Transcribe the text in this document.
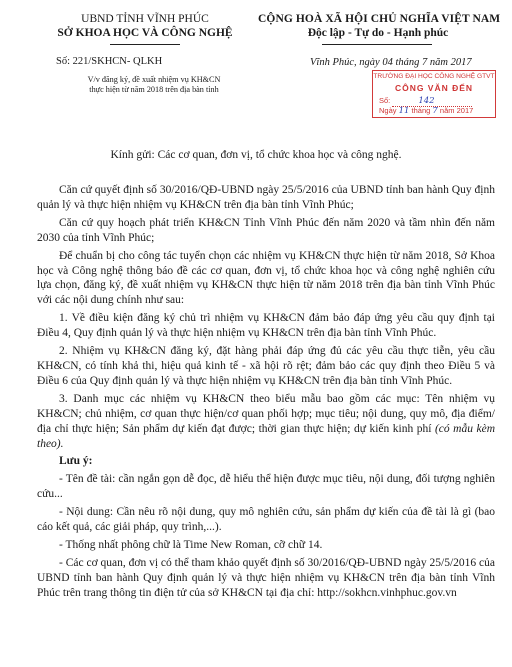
UBND TỈNH VĨNH PHÚC
SỞ KHOA HỌC VÀ CÔNG NGHỆ
CỘNG HOÀ XÃ HỘI CHỦ NGHĨA VIỆT NAM
Độc lập - Tự do - Hạnh phúc
Số: 221/SKHCN- QLKH	Vĩnh Phúc, ngày 04 tháng 7 năm 2017
V/v đăng ký, đề xuất nhiệm vụ KH&CN
thực hiện từ năm 2018 trên địa bàn tỉnh
TRƯỜNG ĐẠI HỌC CÔNG NGHỆ GTVT
CÔNG VĂN ĐẾN
Số:	142
Ngày 11 tháng 7 năm 2017
Kính gửi: Các cơ quan, đơn vị, tổ chức khoa học và công nghệ.

Căn cứ quyết định số 30/2016/QĐ-UBND ngày 25/5/2016 của UBND tỉnh ban hành Quy định quản lý và thực hiện nhiệm vụ KH&CN trên địa bàn tỉnh Vĩnh Phúc;

Căn cứ quy hoạch phát triển KH&CN Tỉnh Vĩnh Phúc đến năm 2020 và tầm nhìn đến năm 2030 của tỉnh Vĩnh Phúc;

Để chuẩn bị cho công tác tuyển chọn các nhiệm vụ KH&CN thực hiện từ năm 2018, Sở Khoa học và Công nghệ thông báo đề các cơ quan, đơn vị, tổ chức khoa học và công nghệ nghiên cứu lựa chọn, đăng ký, đề xuất nhiệm vụ KH&CN thực hiện từ năm 2018 trên địa bàn tỉnh Vĩnh Phúc với các nội dung chính như sau:

1. Về điều kiện đăng ký chủ trì nhiệm vụ KH&CN đảm bảo đáp ứng yêu cầu quy định tại Điều 4, Quy định quản lý và thực hiện nhiệm vụ KH&CN trên địa bàn tỉnh Vĩnh Phúc.

2. Nhiệm vụ KH&CN đăng ký, đặt hàng phải đáp ứng đủ các yêu cầu thực tiễn, yêu cầu KH&CN, có tính khả thi, hiệu quả kinh tế - xã hội rõ rệt; đảm bảo các quy định theo Điều 5 và Điều 6 của Quy định quản lý và thực hiện nhiệm vụ KH&CN trên địa bàn tỉnh Vĩnh Phúc.

3. Danh mục các nhiệm vụ KH&CN theo biểu mẫu bao gồm các mục: Tên nhiệm vụ KH&CN; chủ nhiệm, cơ quan thực hiện/cơ quan phối hợp; mục tiêu; nội dung, quy mô, địa điểm/địa chỉ thực hiện; Sản phẩm dự kiến đạt được; thời gian thực hiện; dự kiến kinh phí (có mẫu kèm theo).

Lưu ý:

- Tên đề tài: cần ngắn gọn dễ đọc, dễ hiểu thể hiện được mục tiêu, nội dung, đối tượng nghiên cứu...

- Nội dung: Cần nêu rõ nội dung, quy mô nghiên cứu, sản phẩm dự kiến của đề tài là gì (bao cáo kết quả, các giải pháp, quy trình,...).

- Thống nhất phông chữ là Time New Roman, cỡ chữ 14.

- Các cơ quan, đơn vị có thể tham khảo quyết định số 30/2016/QĐ-UBND ngày 25/5/2016 của UBND tỉnh ban hành Quy định quản lý và thực hiện nhiệm vụ KH&CN trên địa bàn tỉnh Vĩnh Phúc trên trang thông tin điện tử của sở KH&CN tại địa chỉ: http://sokhcn.vinhphuc.gov.vn
